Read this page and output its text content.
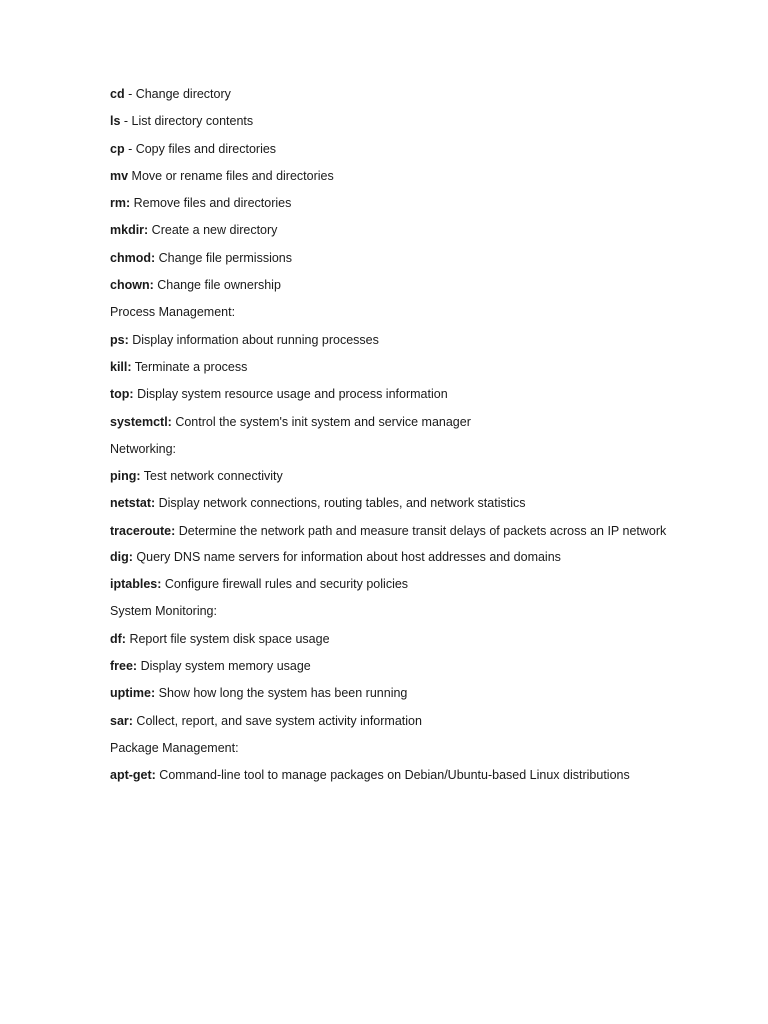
cd - Change directory
ls - List directory contents
cp - Copy files and directories
mv Move or rename files and directories
rm: Remove files and directories
mkdir: Create a new directory
chmod: Change file permissions
chown: Change file ownership
Process Management:
ps: Display information about running processes
kill: Terminate a process
top: Display system resource usage and process information
systemctl: Control the system's init system and service manager
Networking:
ping: Test network connectivity
netstat: Display network connections, routing tables, and network statistics
traceroute: Determine the network path and measure transit delays of packets across an IP network
dig: Query DNS name servers for information about host addresses and domains
iptables: Configure firewall rules and security policies
System Monitoring:
df: Report file system disk space usage
free: Display system memory usage
uptime: Show how long the system has been running
sar: Collect, report, and save system activity information
Package Management:
apt-get: Command-line tool to manage packages on Debian/Ubuntu-based Linux distributions
